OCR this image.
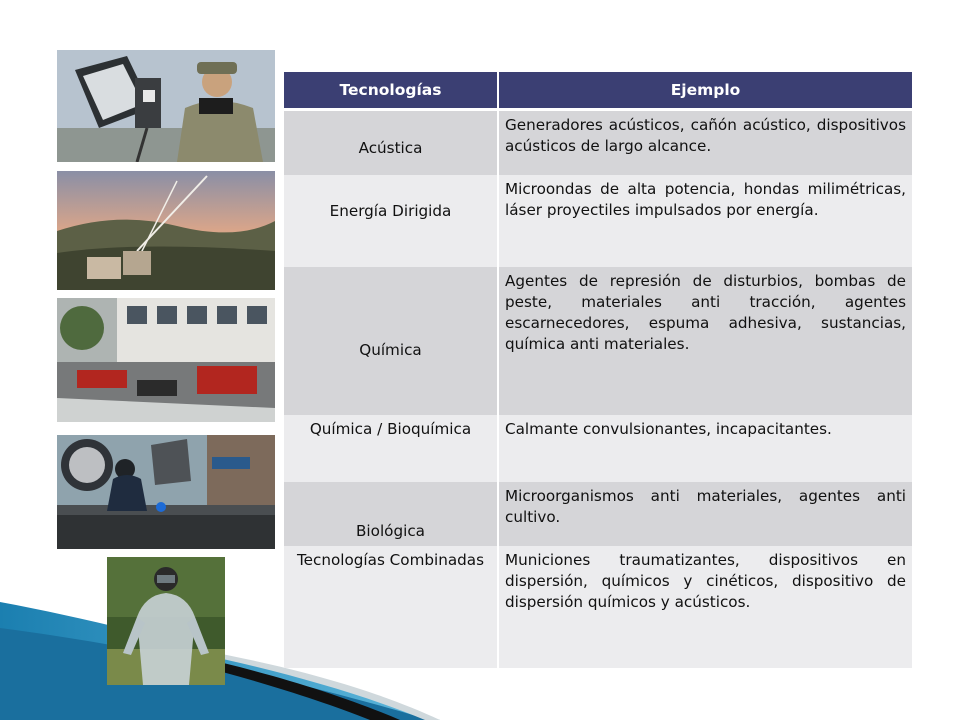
Tecnologías	Ejemplo
Acústica	Generadores acústicos, cañón acústico, dispositivos acústicos de largo alcance.
Energía Dirigida	Microondas de alta potencia, hondas milimétricas, láser proyectiles impulsados por energía.
Química	Agentes de represión de disturbios, bombas de peste, materiales anti tracción, agentes escarnecedores, espuma adhesiva, sustancias, química anti materiales.
Química / Bioquímica	Calmante convulsionantes, incapacitantes.
Biológica	Microorganismos anti materiales, agentes anti cultivo.
Tecnologías Combinadas	Municiones traumatizantes, dispositivos en dispersión, químicos y cinéticos, dispositivo de dispersión químicos y acústicos.
